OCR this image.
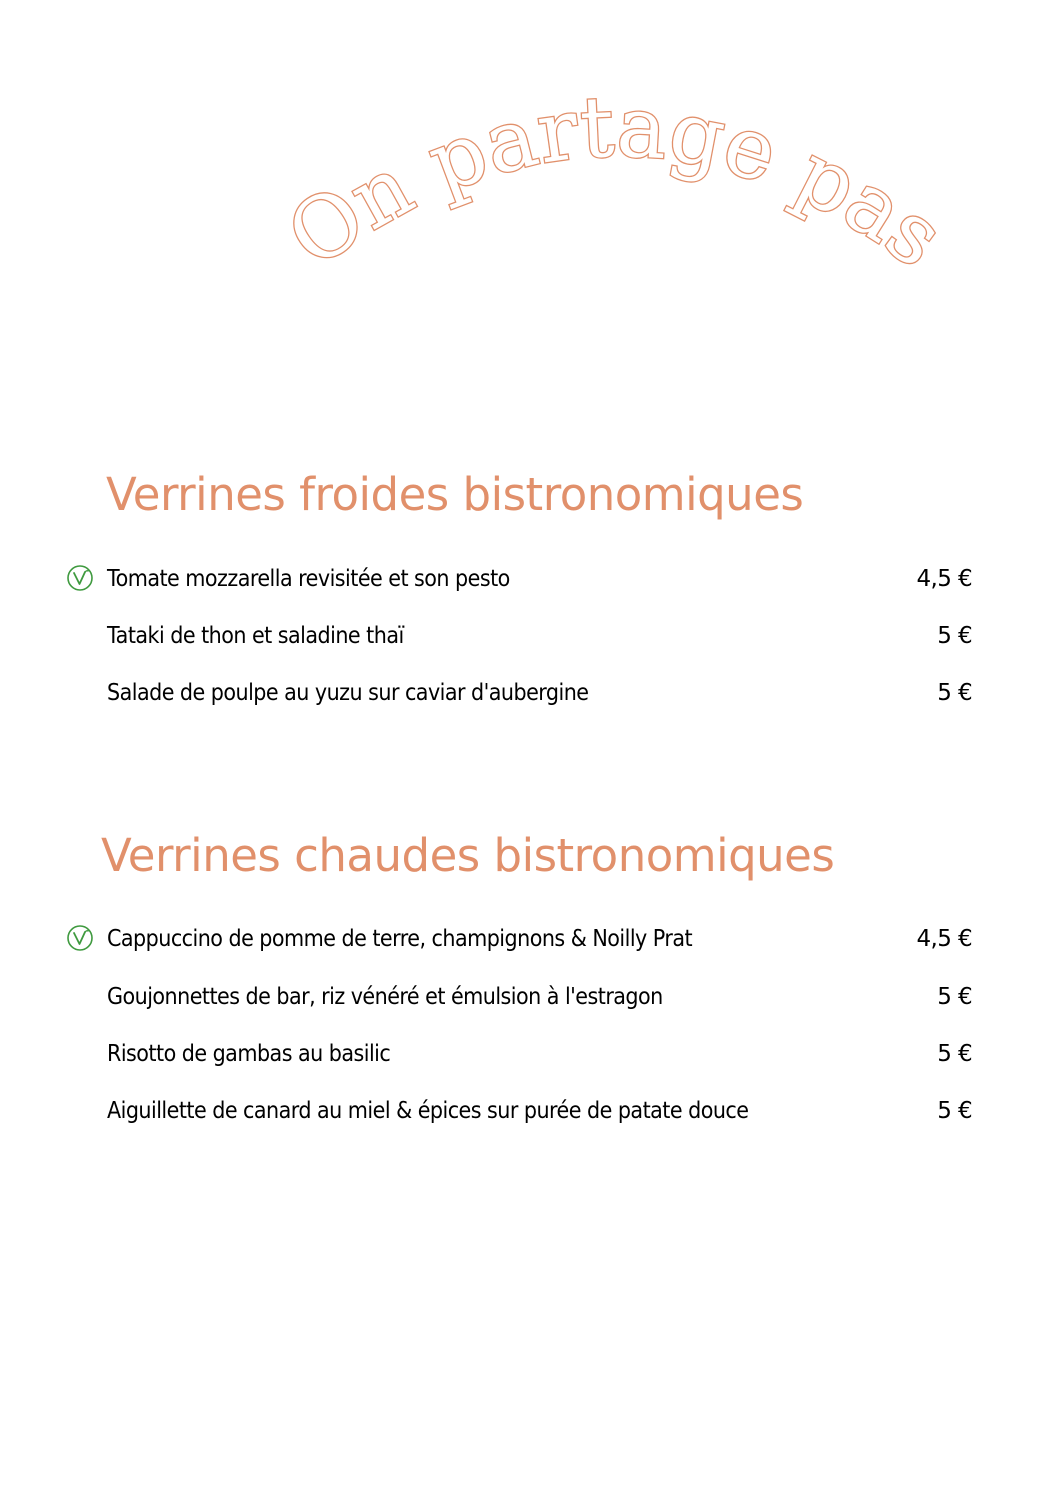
On partage pas
Verrines froides bistronomiques
Tomate mozzarella revisitée et son pesto	4,5 €
Tataki de thon et saladine thaï	5 €
Salade de poulpe au yuzu sur caviar d'aubergine	5 €
Verrines chaudes bistronomiques
Cappuccino de pomme de terre, champignons & Noilly Prat	4,5 €
Goujonnettes de bar, riz vénéré et émulsion à l'estragon	5 €
Risotto de gambas au basilic	5 €
Aiguillette de canard au miel & épices sur purée de patate douce	5 €
